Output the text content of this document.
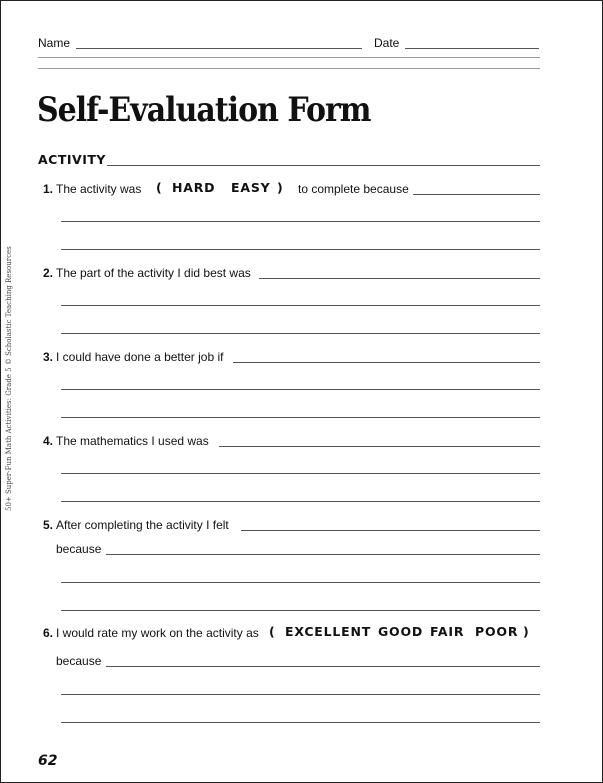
Name	Date
Self-Evaluation Form
ACTIVITY
1. The activity was ( HARD EASY ) to complete because
2. The part of the activity I did best was
3. I could have done a better job if
4. The mathematics I used was
5. After completing the activity I felt
because
6. I would rate my work on the activity as ( EXCELLENT GOOD FAIR POOR )
because
50+ Super-Fun Math Activities: Grade 5 © Scholastic Teaching Resources
62
